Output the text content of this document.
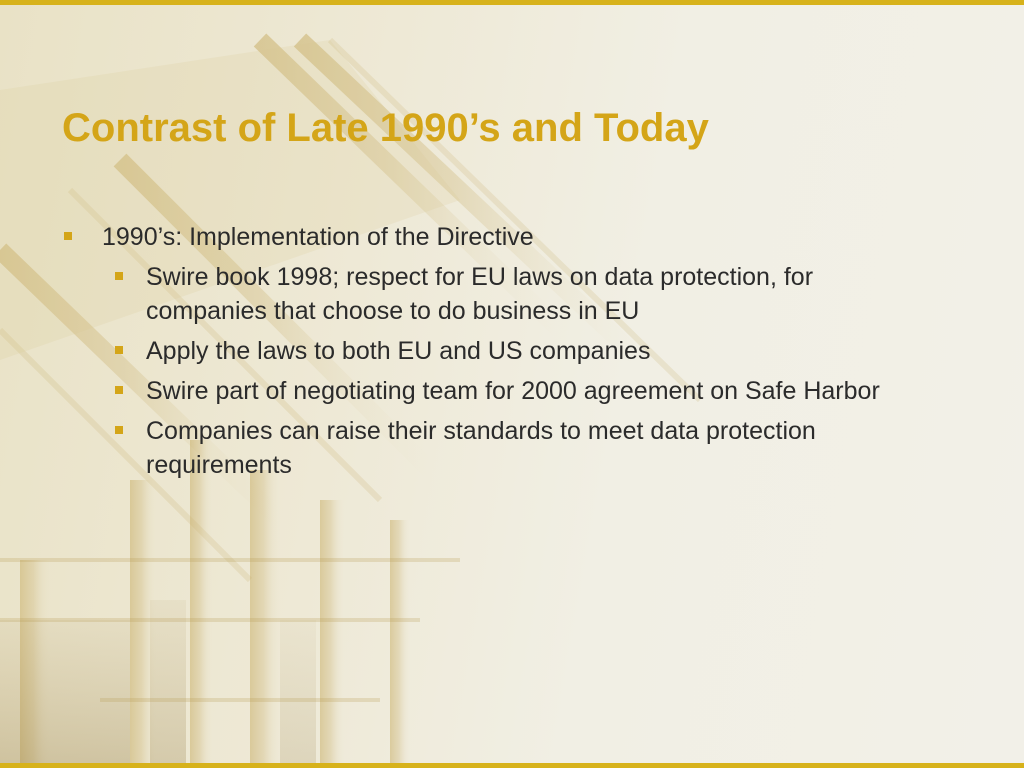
Contrast of Late 1990’s and Today
1990’s: Implementation of the Directive
Swire book 1998; respect for EU laws on data protection, for companies that choose to do business in EU
Apply the laws to both EU and US companies
Swire part of negotiating team for 2000 agreement on Safe Harbor
Companies can raise their standards to meet data protection requirements
